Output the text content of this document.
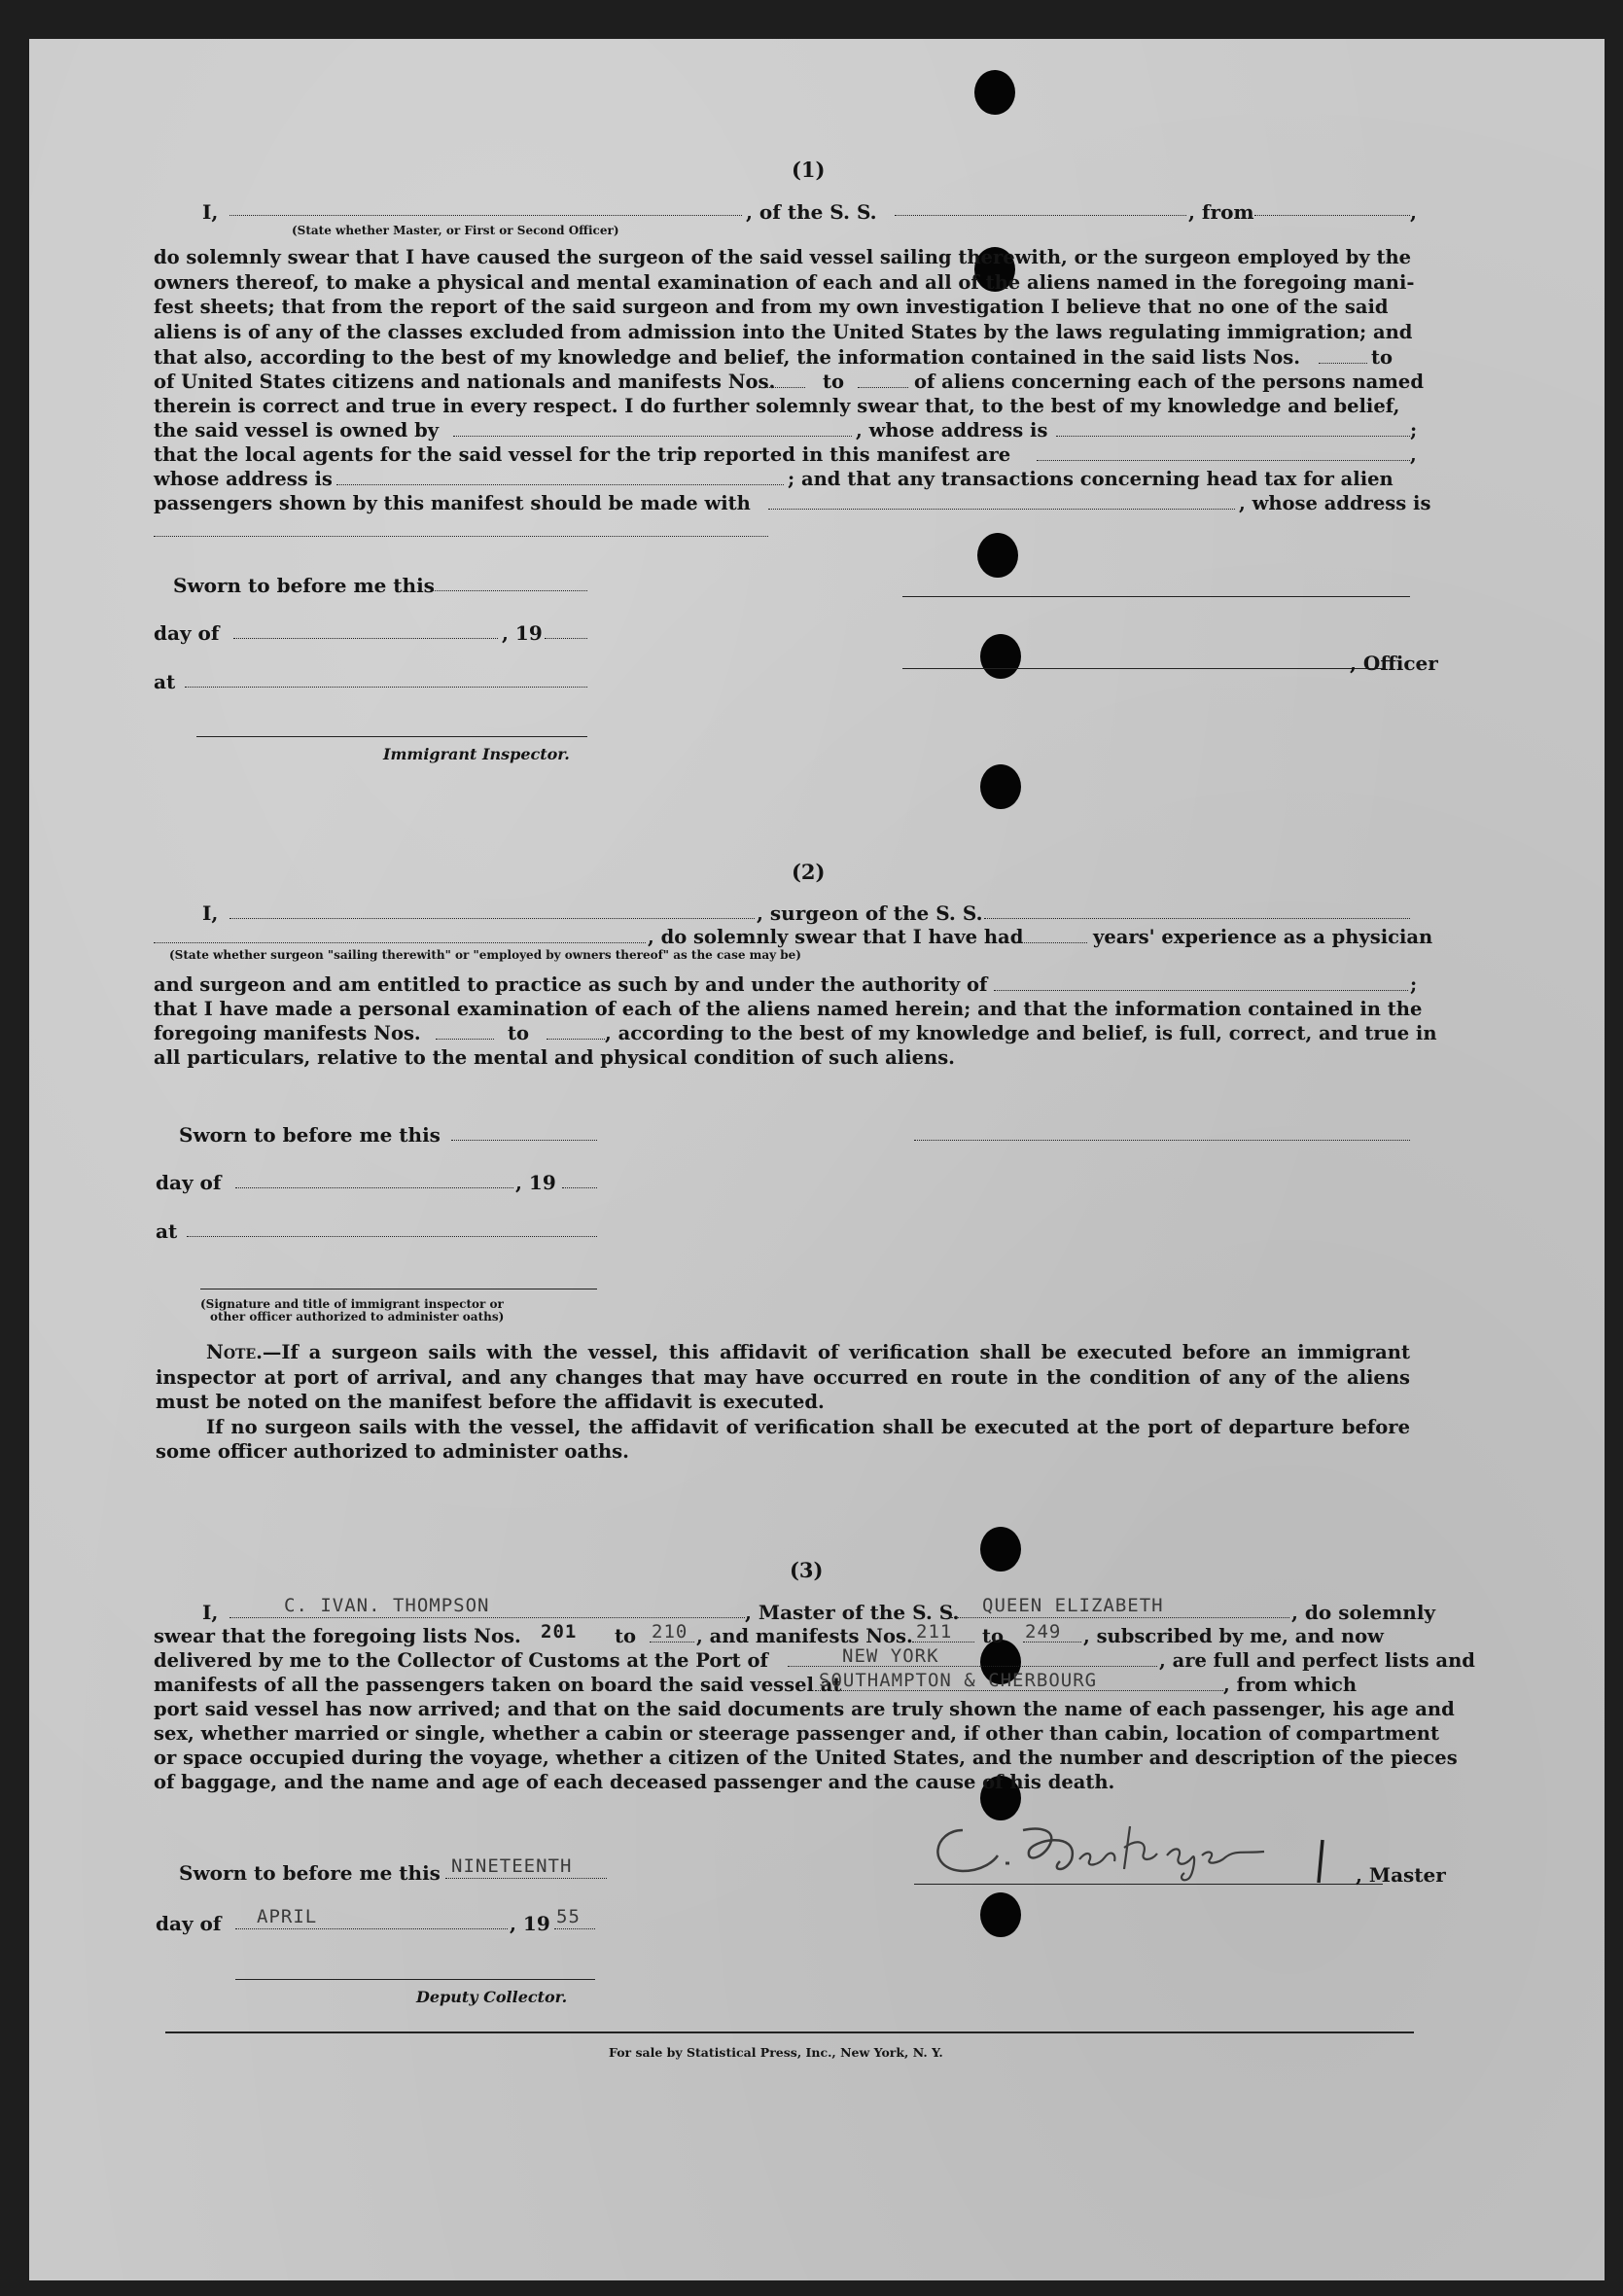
(1)
I,
(State whether Master, or First or Second Officer)
, of the S. S.	, from	,

do solemnly swear that I have caused the surgeon of the said vessel sailing therewith, or the surgeon employed by the

owners thereof, to make a physical and mental examination of each and all of the aliens named in the foregoing mani-

fest sheets; that from the report of the said surgeon and from my own investigation I believe that no one of the said

aliens is of any of the classes excluded from admission into the United States by the laws regulating immigration; and

that also, according to the best of my knowledge and belief, the information contained in the said lists Nos.	to
of United States citizens and nationals and manifests Nos. to	of aliens concerning each of the persons named
therein is correct and true in every respect. I do further solemnly swear that, to the best of my knowledge and belief,
the said vessel is owned by	, whose address is	;
that the local agents for the said vessel for the trip reported in this manifest are	,
whose address is	; and that any transactions concerning head tax for alien
passengers shown by this manifest should be made with	, whose address is
Sworn to before me this
day of	, 19
at
Immigrant Inspector.
, Officer
(2)
I,	, surgeon of the S. S.
, do solemnly swear that I have had	years' experience as a physician
(State whether surgeon "sailing therewith" or "employed by owners thereof" as the case may be)
and surgeon and am entitled to practice as such by and under the authority of	;
that I have made a personal examination of each of the aliens named herein; and that the information contained in the
foregoing manifests Nos.	to	, according to the best of my knowledge and belief, is full, correct, and true in
all particulars, relative to the mental and physical condition of such aliens.
Sworn to before me this
day of	, 19
at
(Signature and title of immigrant inspector or
other officer authorized to administer oaths)

Note.—If a surgeon sails with the vessel, this affidavit of verification shall be executed before an immigrant inspector at port of arrival, and any changes that may have occurred en route in the condition of any of the aliens must be noted on the manifest before the affidavit is executed.

If no surgeon sails with the vessel, the affidavit of verification shall be executed at the port of departure before some officer authorized to administer oaths.

(3)
I,	C. IVAN. THOMPSON	, Master of the S. S. QUEEN ELIZABETH	, do solemnly
swear that the foregoing lists Nos. 201 to 210 , and manifests Nos. 211 to 249 , subscribed by me, and now
delivered by me to the Collector of Customs at the Port of	NEW YORK	, are full and perfect lists and
manifests of all the passengers taken on board the said vessel at
SOUTHAMPTON & CHERBOURG	, from which
port said vessel has now arrived; and that on the said documents are truly shown the name of each passenger, his age and
sex, whether married or single, whether a cabin or steerage passenger and, if other than cabin, location of compartment
or space occupied during the voyage, whether a citizen of the United States, and the number and description of the pieces
of baggage, and the name and age of each deceased passenger and the cause of his death.
Sworn to before me this NINETEENTH
day of APRIL	, 19 55
Deputy Collector.
, Master
For sale by Statistical Press, Inc., New York, N. Y.
